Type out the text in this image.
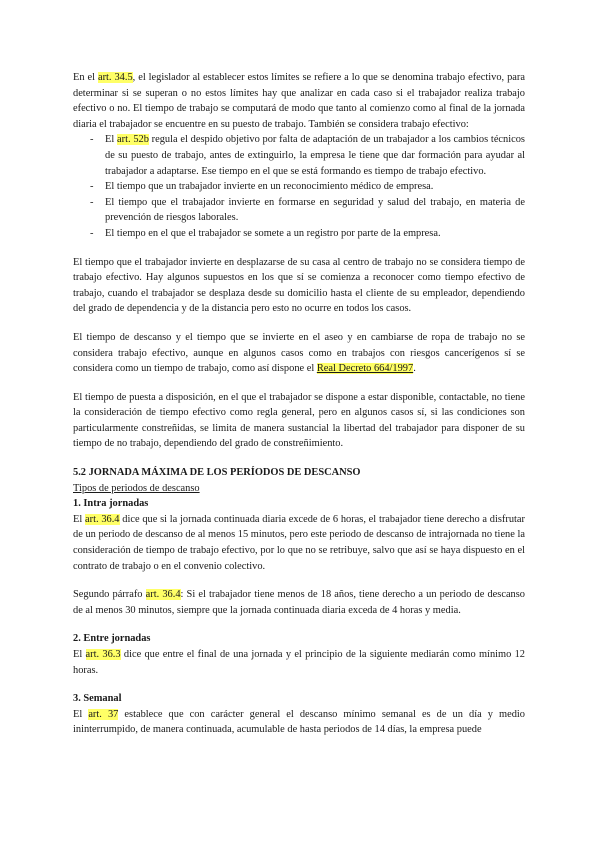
En el art. 34.5, el legislador al establecer estos límites se refiere a lo que se denomina trabajo efectivo, para determinar si se superan o no estos límites hay que analizar en cada caso si el trabajador realiza trabajo efectivo o no. El tiempo de trabajo se computará de modo que tanto al comienzo como al final de la jornada diaria el trabajador se encuentre en su puesto de trabajo. También se considera trabajo efectivo:

- El art. 52b regula el despido objetivo por falta de adaptación de un trabajador a los cambios técnicos de su puesto de trabajo, antes de extinguirlo, la empresa le tiene que dar formación para ayudar al trabajador a adaptarse. Ese tiempo en el que se está formando es tiempo de trabajo efectivo.
- El tiempo que un trabajador invierte en un reconocimiento médico de empresa.
- El tiempo que el trabajador invierte en formarse en seguridad y salud del trabajo, en materia de prevención de riesgos laborales.
- El tiempo en el que el trabajador se somete a un registro por parte de la empresa.

El tiempo que el trabajador invierte en desplazarse de su casa al centro de trabajo no se considera tiempo de trabajo efectivo. Hay algunos supuestos en los que sí se comienza a reconocer como tiempo efectivo de trabajo, cuando el trabajador se desplaza desde su domicilio hasta el cliente de su empleador, dependiendo del grado de dependencia y de la distancia pero esto no ocurre en todos los casos.

El tiempo de descanso y el tiempo que se invierte en el aseo y en cambiarse de ropa de trabajo no se considera trabajo efectivo, aunque en algunos casos como en trabajos con riesgos cancerígenos sí se considera como un tiempo de trabajo, como así dispone el Real Decreto 664/1997.

El tiempo de puesta a disposición, en el que el trabajador se dispone a estar disponible, contactable, no tiene la consideración de tiempo efectivo como regla general, pero en algunos casos sí, si las condiciones son particularmente constreñidas, se limita de manera sustancial la libertad del trabajador para disponer de su tiempo de no trabajo, dependiendo del grado de constreñimiento.

5.2 JORNADA MÁXIMA DE LOS PERÍODOS DE DESCANSO

Tipos de periodos de descanso

1. Intra jornadas

El art. 36.4 dice que si la jornada continuada diaria excede de 6 horas, el trabajador tiene derecho a disfrutar de un periodo de descanso de al menos 15 minutos, pero este periodo de descanso de intrajornada no tiene la consideración de tiempo de trabajo efectivo, por lo que no se retribuye, salvo que así se haya dispuesto en el contrato de trabajo o en el convenio colectivo.

Segundo párrafo art. 36.4: Si el trabajador tiene menos de 18 años, tiene derecho a un periodo de descanso de al menos 30 minutos, siempre que la jornada continuada diaria exceda de 4 horas y media.

2. Entre jornadas

El art. 36.3 dice que entre el final de una jornada y el principio de la siguiente mediarán como mínimo 12 horas.

3. Semanal

El art. 37 establece que con carácter general el descanso mínimo semanal es de un día y medio ininterrumpido, de manera continuada, acumulable de hasta periodos de 14 días, la empresa puede
